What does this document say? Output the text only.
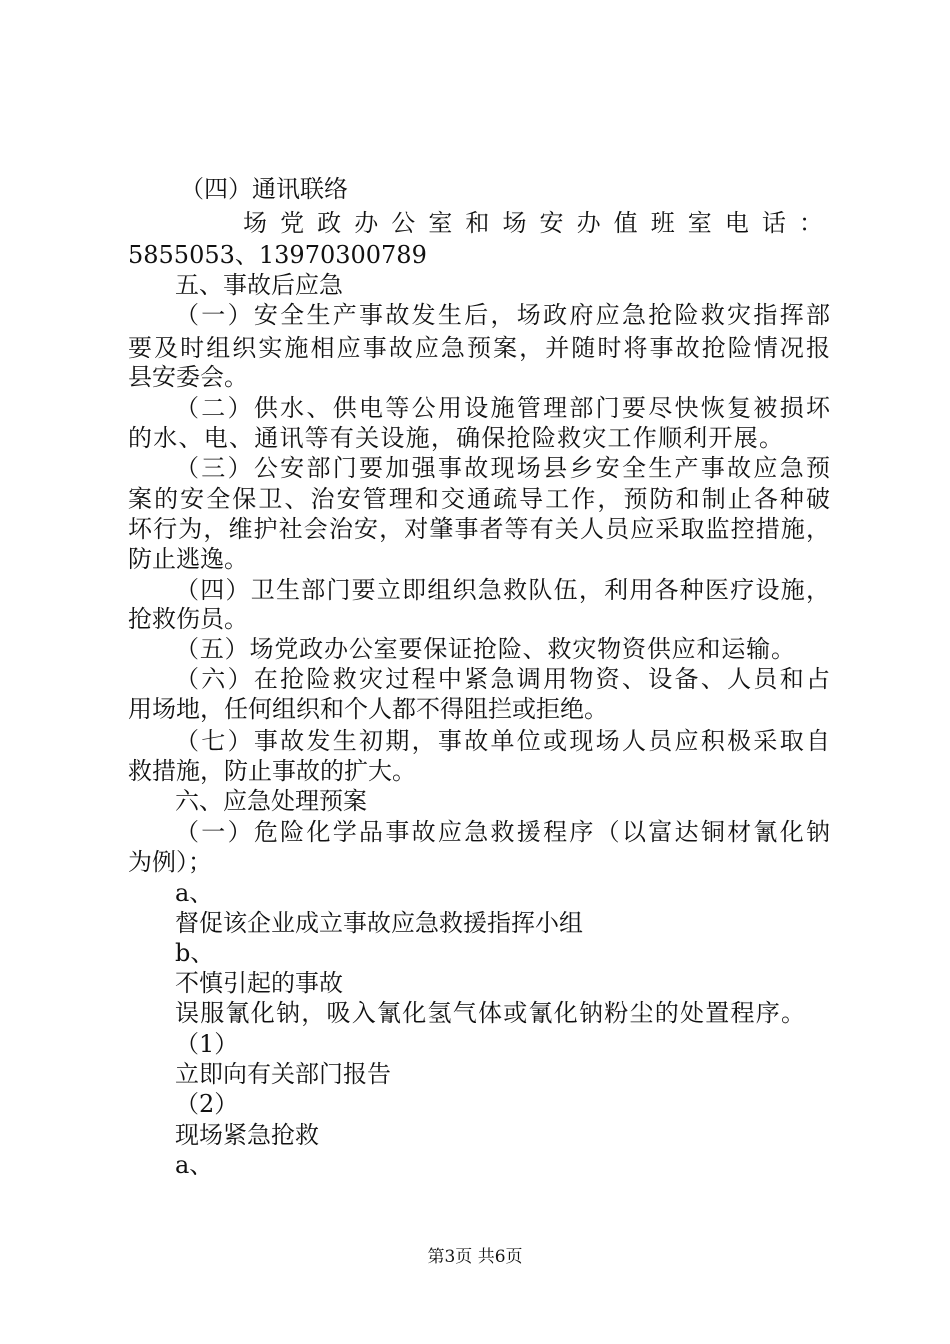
（四）通讯联络

场 党 政 办 公 室 和 场 安 办 值 班 室 电 话 ：

5855053、13970300789

五、事故后应急

（一）安全生产事故发生后，场政府应急抢险救灾指挥部

要及时组织实施相应事故应急预案，并随时将事故抢险情况报

县安委会。

（二）供水、供电等公用设施管理部门要尽快恢复被损坏

的水、电、通讯等有关设施，确保抢险救灾工作顺利开展。

（三）公安部门要加强事故现场县乡安全生产事故应急预

案的安全保卫、治安管理和交通疏导工作，预防和制止各种破

坏行为，维护社会治安，对肇事者等有关人员应采取监控措施，

防止逃逸。

（四）卫生部门要立即组织急救队伍，利用各种医疗设施，

抢救伤员。

（五）场党政办公室要保证抢险、救灾物资供应和运输。

（六）在抢险救灾过程中紧急调用物资、设备、人员和占

用场地，任何组织和个人都不得阻拦或拒绝。

（七）事故发生初期，事故单位或现场人员应积极采取自

救措施，防止事故的扩大。

六、应急处理预案

（一）危险化学品事故应急救援程序（以富达铜材氰化钠

为例）；

a、

督促该企业成立事故应急救援指挥小组

b、

不慎引起的事故

误服氰化钠，吸入氰化氢气体或氰化钠粉尘的处置程序。

（1）

立即向有关部门报告

（2）

现场紧急抢救

a、

第3页 共6页
